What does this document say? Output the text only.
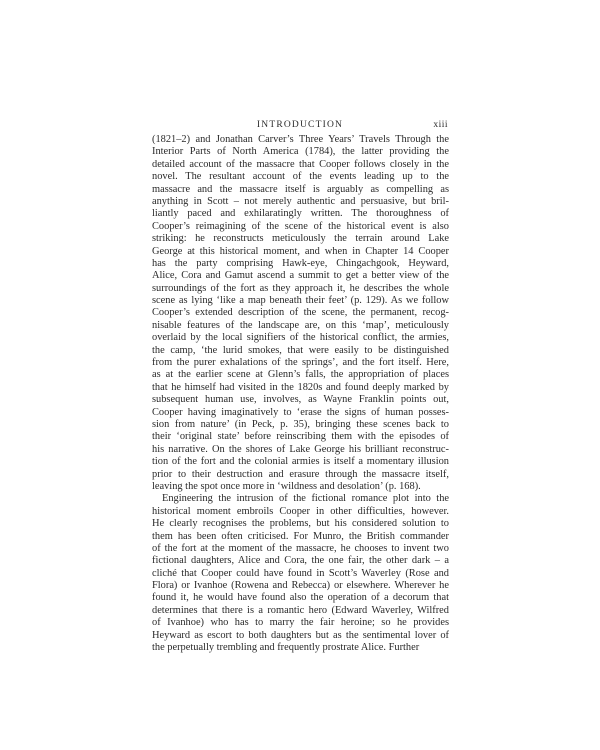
INTRODUCTION	xiii
(1821–2) and Jonathan Carver’s Three Years’ Travels Through the
Interior Parts of North America (1784), the latter providing the
detailed account of the massacre that Cooper follows closely in the
novel. The resultant account of the events leading up to the
massacre and the massacre itself is arguably as compelling as
anything in Scott – not merely authentic and persuasive, but bril-
liantly paced and exhilaratingly written. The thoroughness of
Cooper’s reimagining of the scene of the historical event is also
striking: he reconstructs meticulously the terrain around Lake
George at this historical moment, and when in Chapter 14 Cooper
has the party comprising Hawk-eye, Chingachgook, Heyward,
Alice, Cora and Gamut ascend a summit to get a better view of the
surroundings of the fort as they approach it, he describes the whole
scene as lying ‘like a map beneath their feet’ (p. 129). As we follow
Cooper’s extended description of the scene, the permanent, recog-
nisable features of the landscape are, on this ‘map’, meticulously
overlaid by the local signifiers of the historical conflict, the armies,
the camp, ‘the lurid smokes, that were easily to be distinguished
from the purer exhalations of the springs’, and the fort itself. Here,
as at the earlier scene at Glenn’s falls, the appropriation of places
that he himself had visited in the 1820s and found deeply marked by
subsequent human use, involves, as Wayne Franklin points out,
Cooper having imaginatively to ‘erase the signs of human posses-
sion from nature’ (in Peck, p. 35), bringing these scenes back to
their ‘original state’ before reinscribing them with the episodes of
his narrative. On the shores of Lake George his brilliant reconstruc-
tion of the fort and the colonial armies is itself a momentary illusion
prior to their destruction and erasure through the massacre itself,
leaving the spot once more in ‘wildness and desolation’ (p. 168).
Engineering the intrusion of the fictional romance plot into the
historical moment embroils Cooper in other difficulties, however.
He clearly recognises the problems, but his considered solution to
them has been often criticised. For Munro, the British commander
of the fort at the moment of the massacre, he chooses to invent two
fictional daughters, Alice and Cora, the one fair, the other dark – a
cliché that Cooper could have found in Scott’s Waverley (Rose and
Flora) or Ivanhoe (Rowena and Rebecca) or elsewhere. Wherever he
found it, he would have found also the operation of a decorum that
determines that there is a romantic hero (Edward Waverley, Wilfred
of Ivanhoe) who has to marry the fair heroine; so he provides
Heyward as escort to both daughters but as the sentimental lover of
the perpetually trembling and frequently prostrate Alice. Further
